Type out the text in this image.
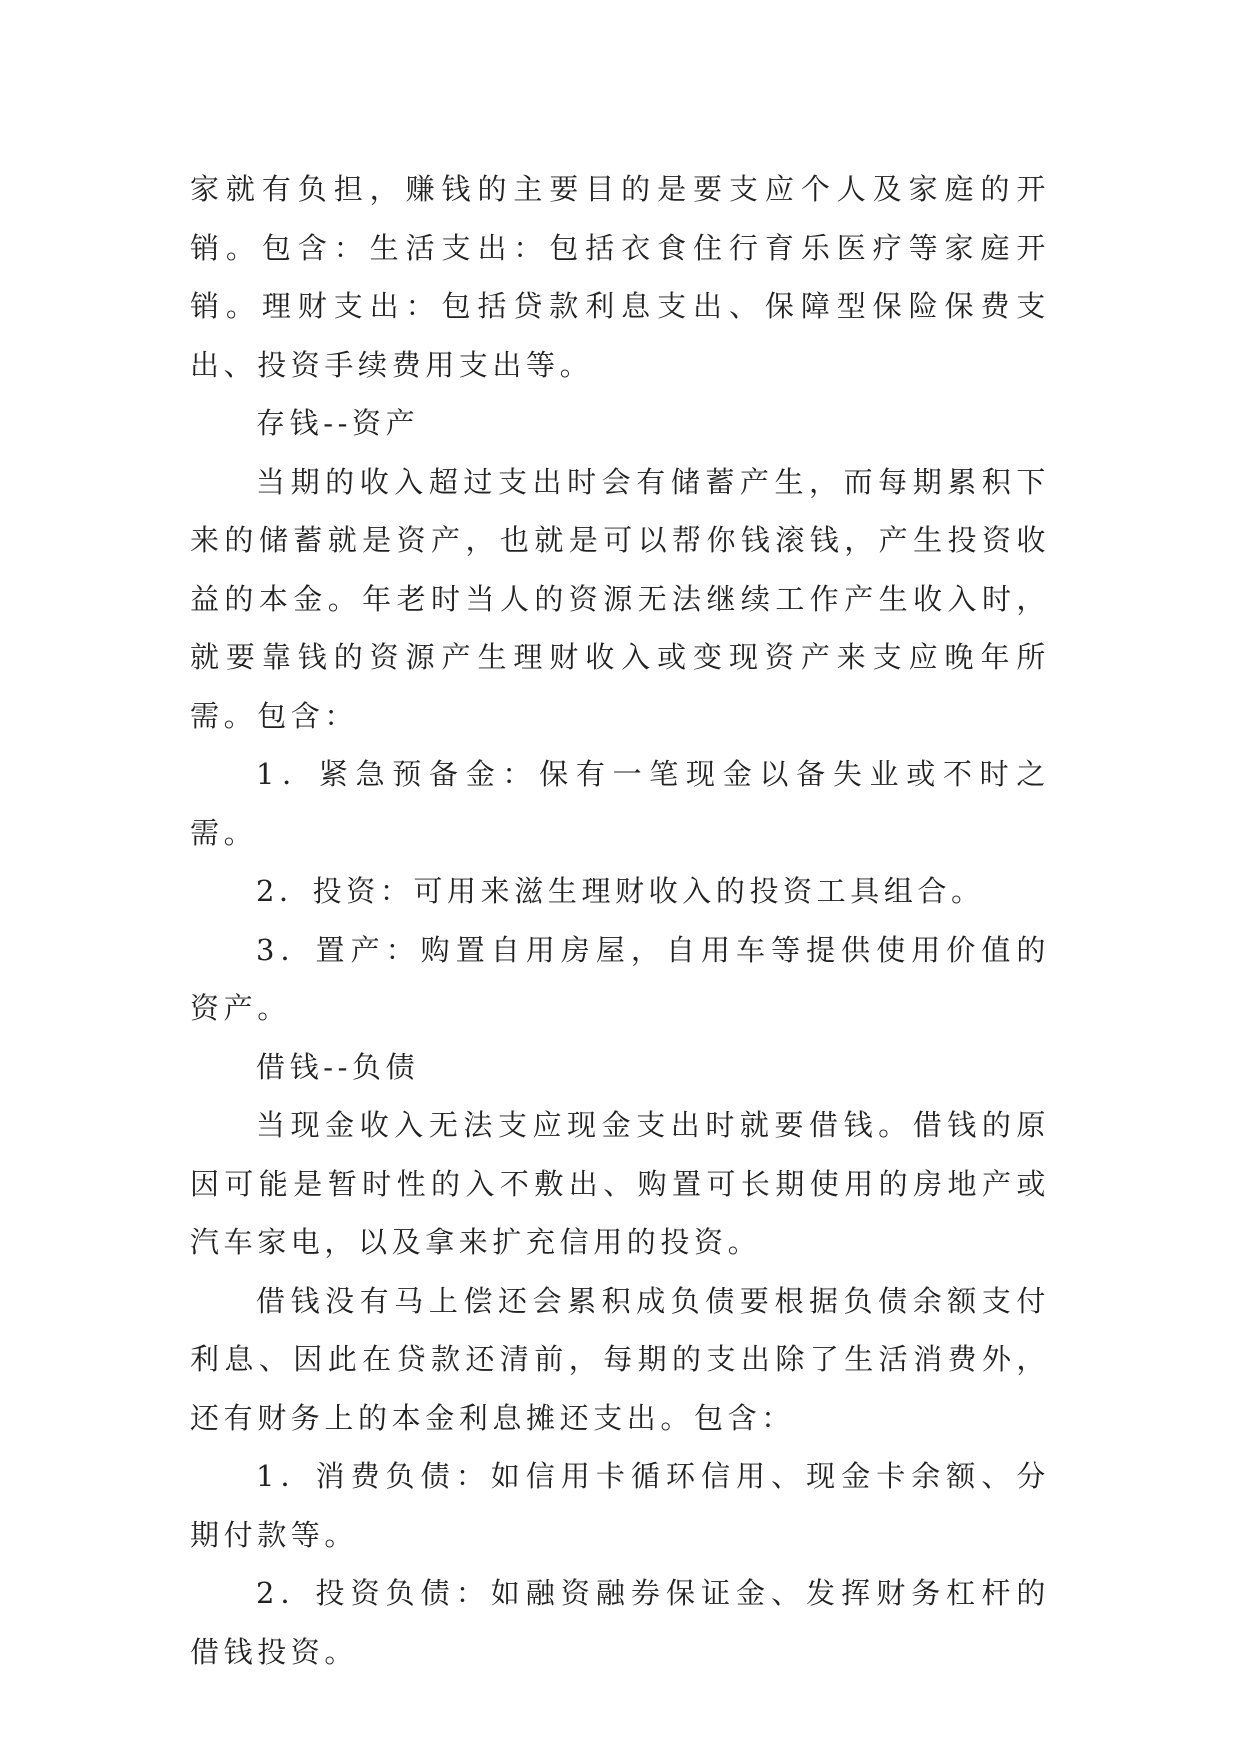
家就有负担，赚钱的主要目的是要支应个人及家庭的开销。包含：生活支出：包括衣食住行育乐医疗等家庭开销。理财支出：包括贷款利息支出、保障型保险保费支出、投资手续费用支出等。

存钱--资产

当期的收入超过支出时会有储蓄产生，而每期累积下来的储蓄就是资产，也就是可以帮你钱滚钱，产生投资收益的本金。年老时当人的资源无法继续工作产生收入时，就要靠钱的资源产生理财收入或变现资产来支应晚年所需。包含：

1．紧急预备金：保有一笔现金以备失业或不时之需。

2．投资：可用来滋生理财收入的投资工具组合。

3．置产：购置自用房屋，自用车等提供使用价值的资产。

借钱--负债

当现金收入无法支应现金支出时就要借钱。借钱的原因可能是暂时性的入不敷出、购置可长期使用的房地产或汽车家电，以及拿来扩充信用的投资。

借钱没有马上偿还会累积成负债要根据负债余额支付利息、因此在贷款还清前，每期的支出除了生活消费外，还有财务上的本金利息摊还支出。包含：

1．消费负债：如信用卡循环信用、现金卡余额、分期付款等。

2．投资负债：如融资融券保证金、发挥财务杠杆的借钱投资。
